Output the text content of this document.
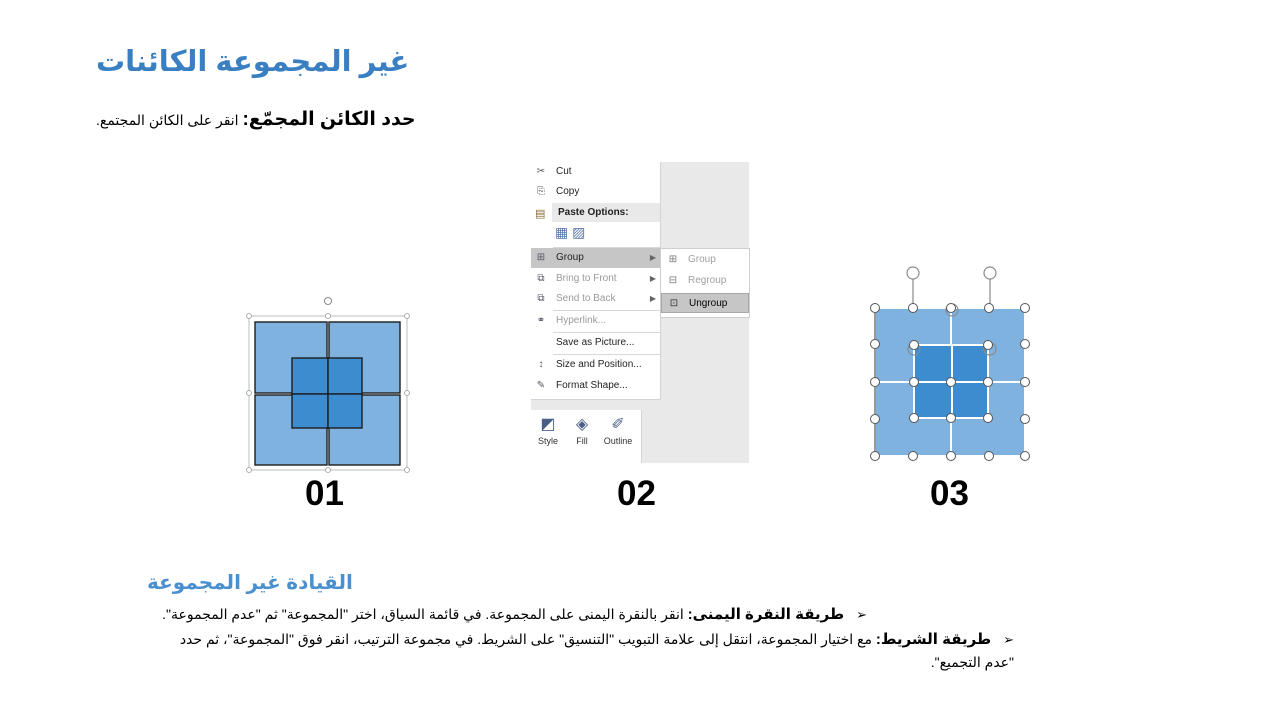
غير المجموعة الكائنات
حدد الكائن المجمّع: انقر على الكائن المجتمع.
✂ Cut
⎘ Copy
▤	Paste Options:
▦ ▨
⊞ Group	▶
⧉ Bring to Front	▶
⧉ Send to Back	▶
⚭ Hyperlink...
Save as Picture...
↕	Size and Position...
✎ Format Shape...
⊞ Group
⊟ Regroup
⊡ Ungroup
◩
Style
◈
Fill
✐
Outline
01	02	03
القيادة غير المجموعة
➢طريقة النقرة اليمنى: انقر بالنقرة اليمنى على المجموعة. في قائمة السياق، اختر "المجموعة" ثم "عدم المجموعة".
➢طريقة الشريط: مع اختيار المجموعة، انتقل إلى علامة التبويب "التنسيق" على الشريط. في مجموعة الترتيب، انقر فوق "المجموعة"، ثم حدد "عدم التجميع".
